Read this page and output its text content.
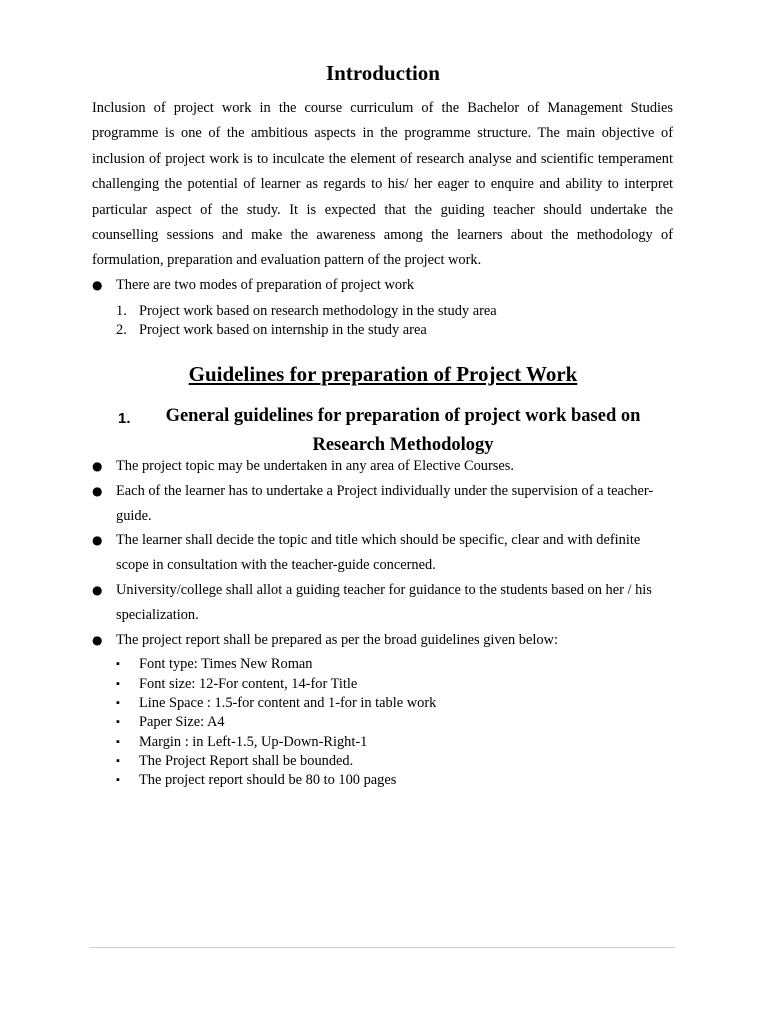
Introduction

Inclusion of project work in the course curriculum of the Bachelor of Management Studies programme is one of the ambitious aspects in the programme structure. The main objective of inclusion of project work is to inculcate the element of research analyse and scientific temperament challenging the potential of learner as regards to his/ her eager to enquire and ability to interpret particular aspect of the study. It is expected that the guiding teacher should undertake the counselling sessions and make the awareness among the learners about the methodology of formulation, preparation and evaluation pattern of the project work.

● There are two modes of preparation of project work
1. Project work based on research methodology in the study area
2. Project work based on internship in the study area
Guidelines for preparation of Project Work
1.	General guidelines for preparation of project work based on Research Methodology
● The project topic may be undertaken in any area of Elective Courses.
● Each of the learner has to undertake a Project individually under the supervision of a teacher-guide.
● The learner shall decide the topic and title which should be specific, clear and with definite scope in consultation with the teacher-guide concerned.
● University/college shall allot a guiding teacher for guidance to the students based on her / his specialization.
● The project report shall be prepared as per the broad guidelines given below:
▪ Font type: Times New Roman
▪ Font size: 12-For content, 14-for Title
▪ Line Space : 1.5-for content and 1-for in table work
▪ Paper Size: A4
▪ Margin : in Left-1.5, Up-Down-Right-1
▪ The Project Report shall be bounded.
▪ The project report should be 80 to 100 pages
